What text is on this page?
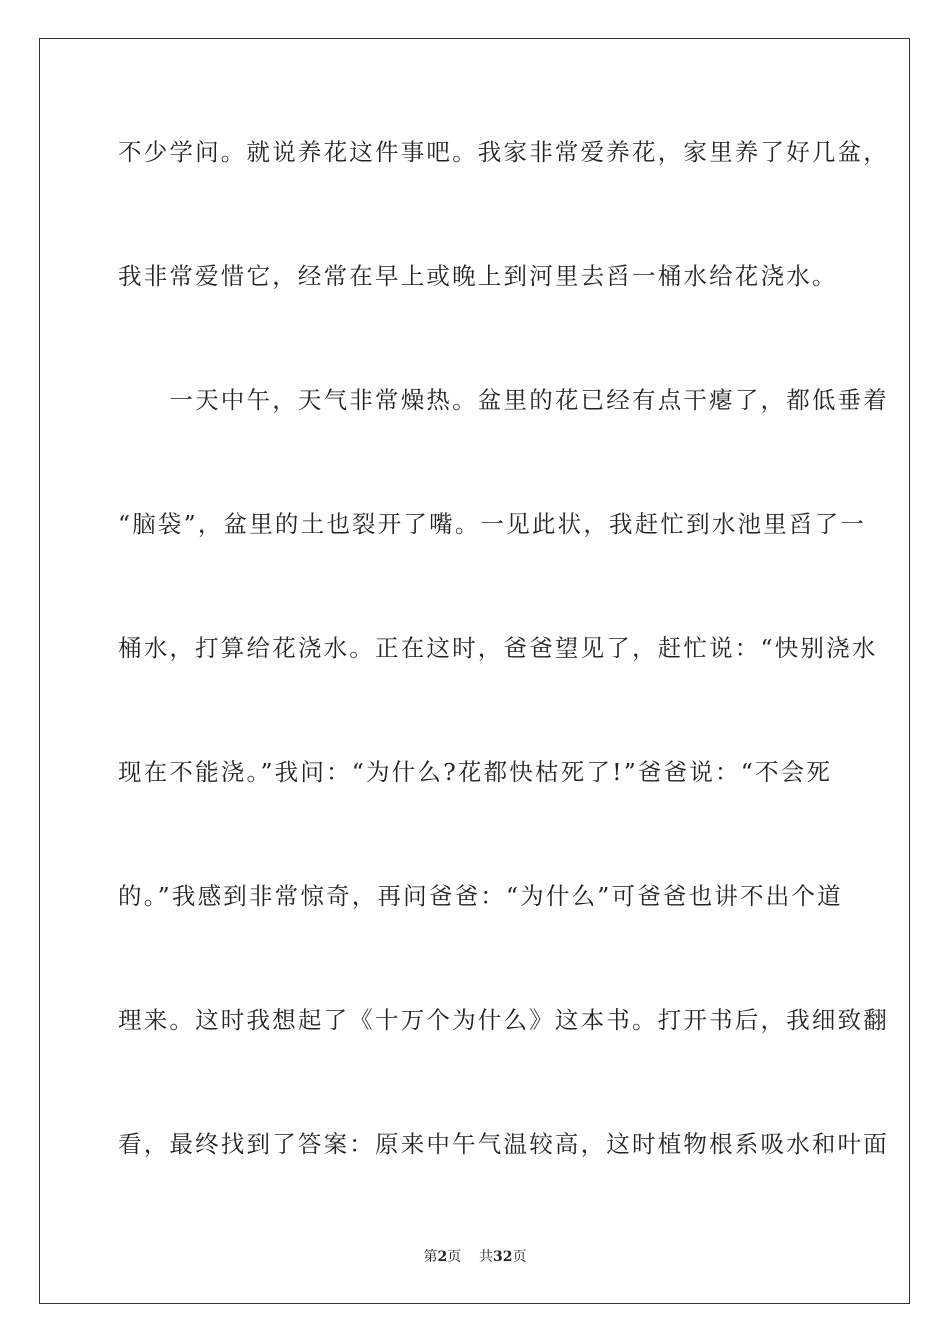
不少学问。就说养花这件事吧。我家非常爱养花，家里养了好几盆，
我非常爱惜它，经常在早上或晚上到河里去舀一桶水给花浇水。
　　一天中午，天气非常燥热。盆里的花已经有点干瘪了，都低垂着
“脑袋”，盆里的土也裂开了嘴。一见此状，我赶忙到水池里舀了一
桶水，打算给花浇水。正在这时，爸爸望见了，赶忙说：“快别浇水
现在不能浇。”我问：“为什么?花都快枯死了!”爸爸说：“不会死
的。”我感到非常惊奇，再问爸爸：“为什么”可爸爸也讲不出个道
理来。这时我想起了《十万个为什么》这本书。打开书后，我细致翻
看，最终找到了答案：原来中午气温较高，这时植物根系吸水和叶面
第2页 共32页
